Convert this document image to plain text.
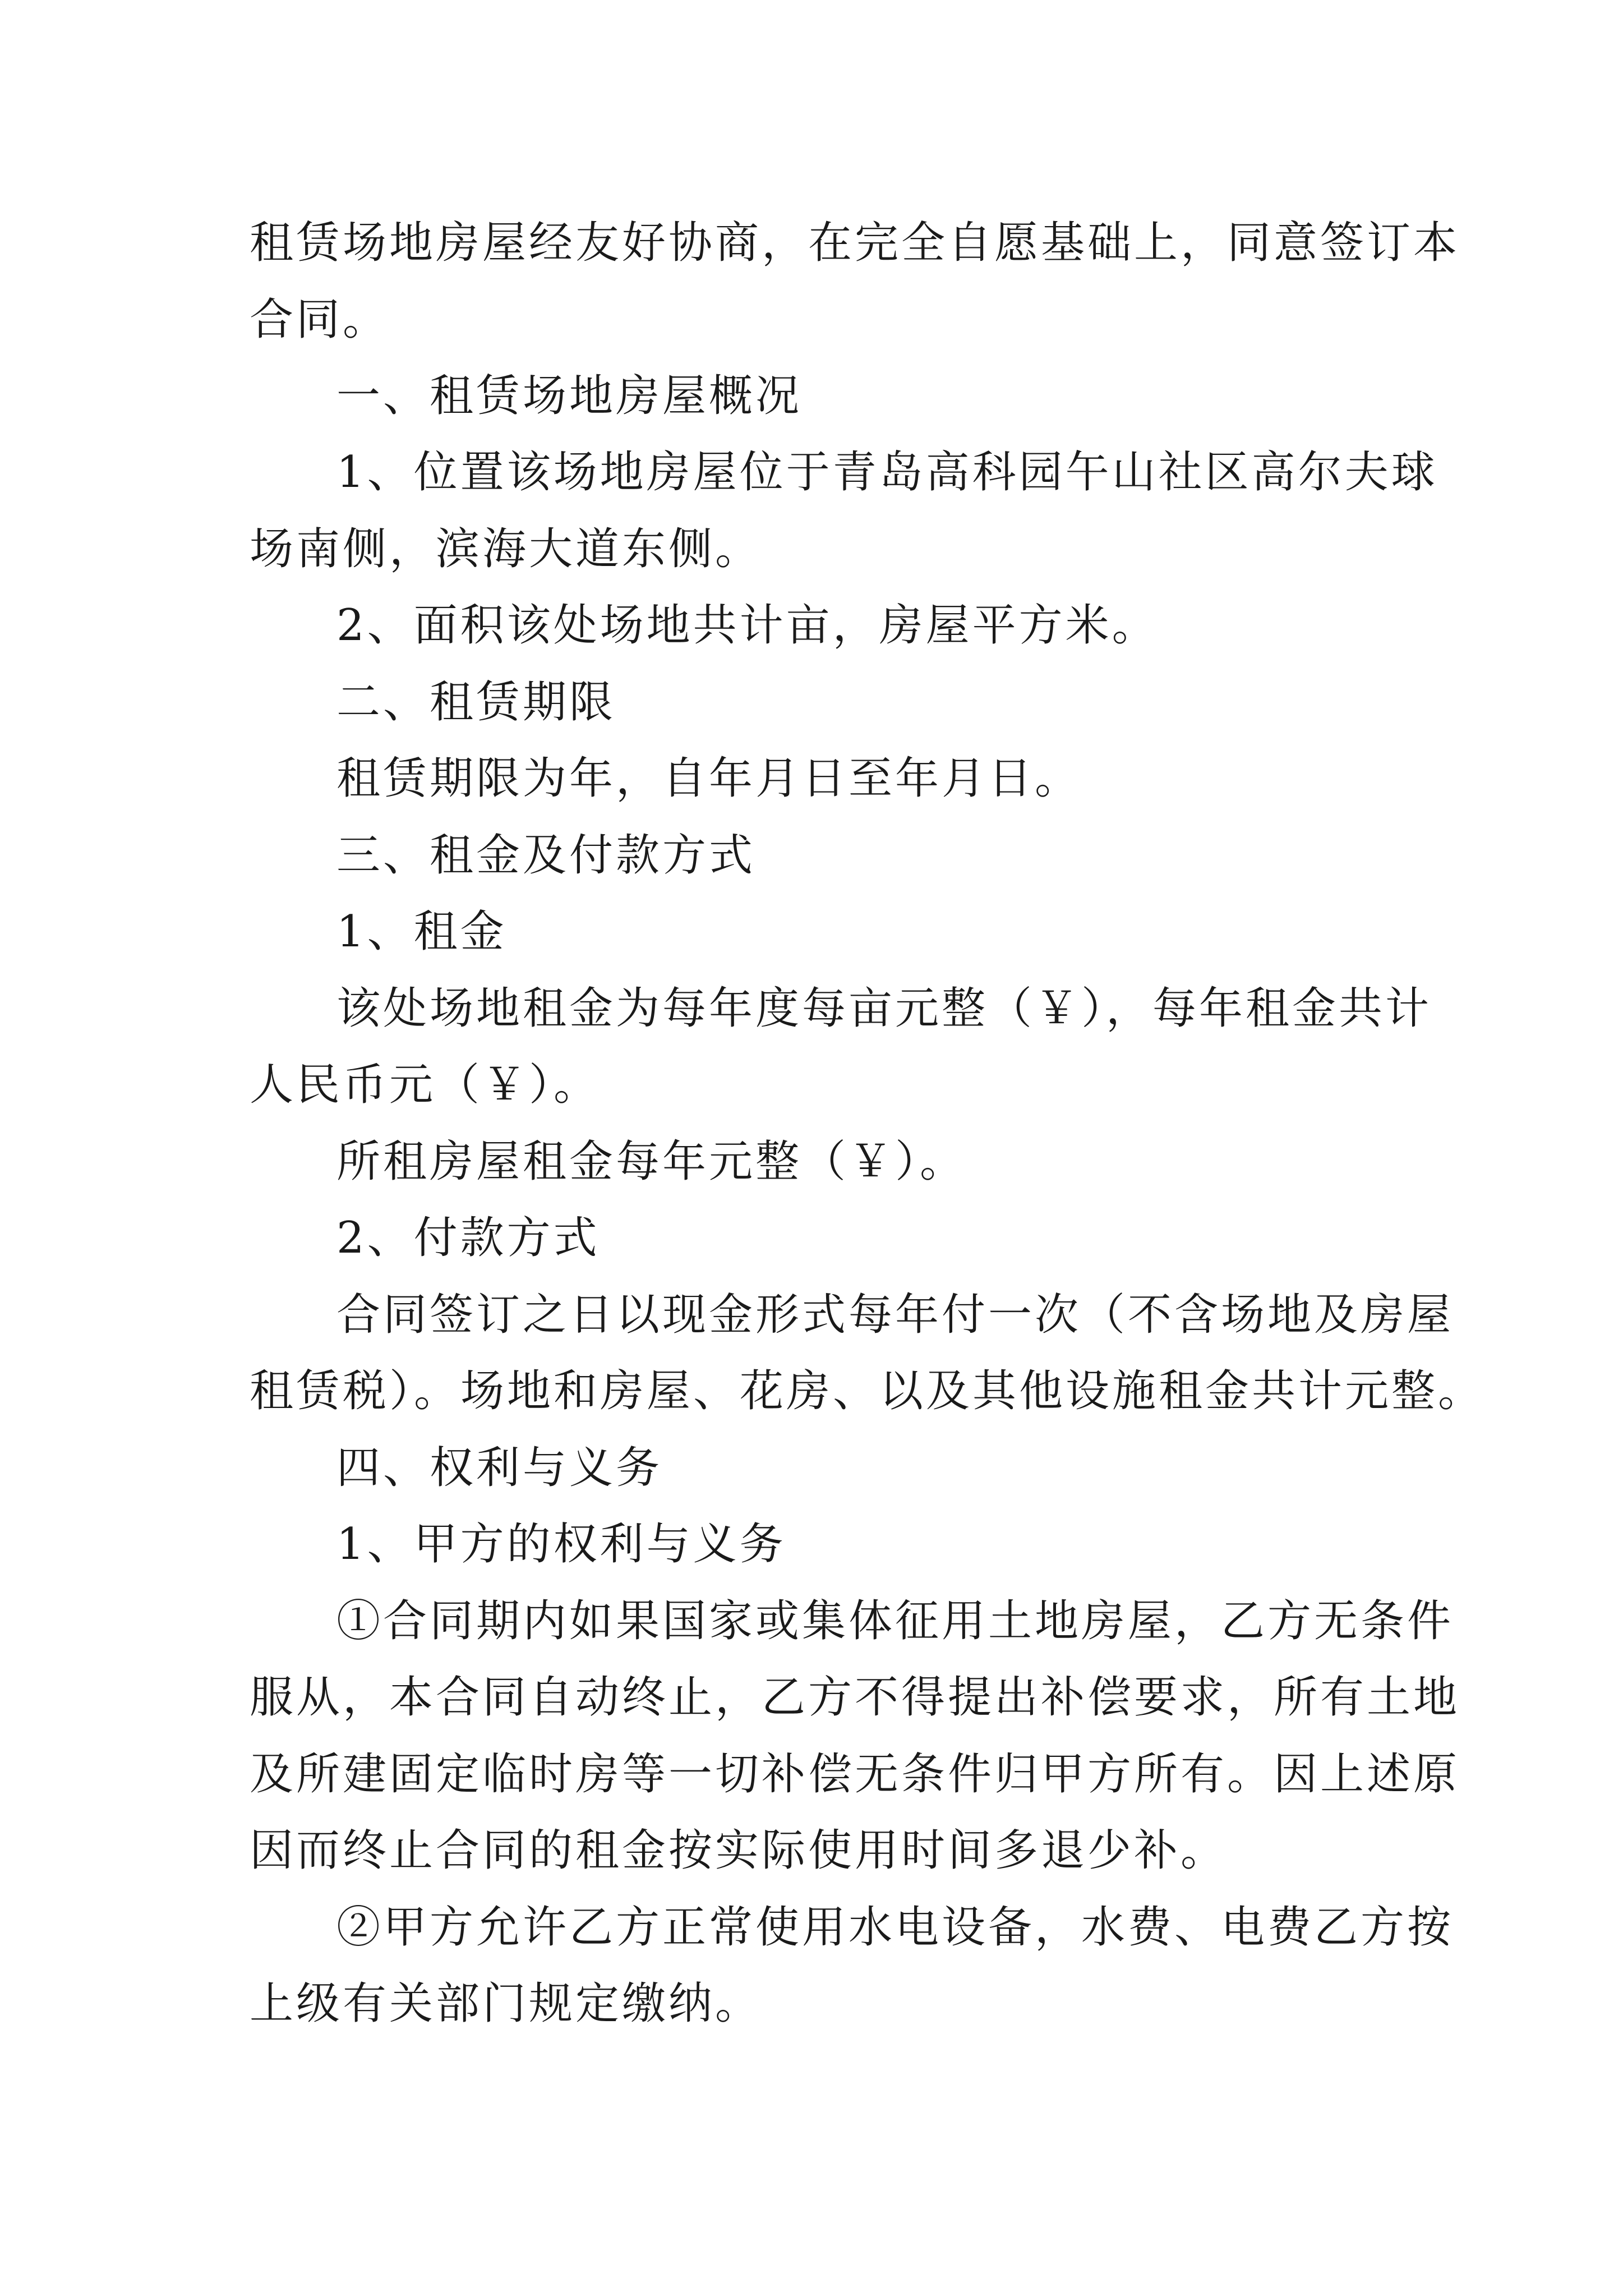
租赁场地房屋经友好协商，在完全自愿基础上，同意签订本
合同。
一、租赁场地房屋概况
1、位置该场地房屋位于青岛高科园午山社区高尔夫球
场南侧，滨海大道东侧。
2、面积该处场地共计亩，房屋平方米。
二、租赁期限
租赁期限为年，自年月日至年月日。
三、租金及付款方式
1、租金
该处场地租金为每年度每亩元整（￥），每年租金共计
人民币元（￥）。
所租房屋租金每年元整（￥）。
2、付款方式
合同签订之日以现金形式每年付一次（不含场地及房屋
租赁税）。场地和房屋、花房、以及其他设施租金共计元整。
四、权利与义务
1、甲方的权利与义务
①合同期内如果国家或集体征用土地房屋，乙方无条件
服从，本合同自动终止，乙方不得提出补偿要求，所有土地
及所建固定临时房等一切补偿无条件归甲方所有。因上述原
因而终止合同的租金按实际使用时间多退少补。
②甲方允许乙方正常使用水电设备，水费、电费乙方按
上级有关部门规定缴纳。
